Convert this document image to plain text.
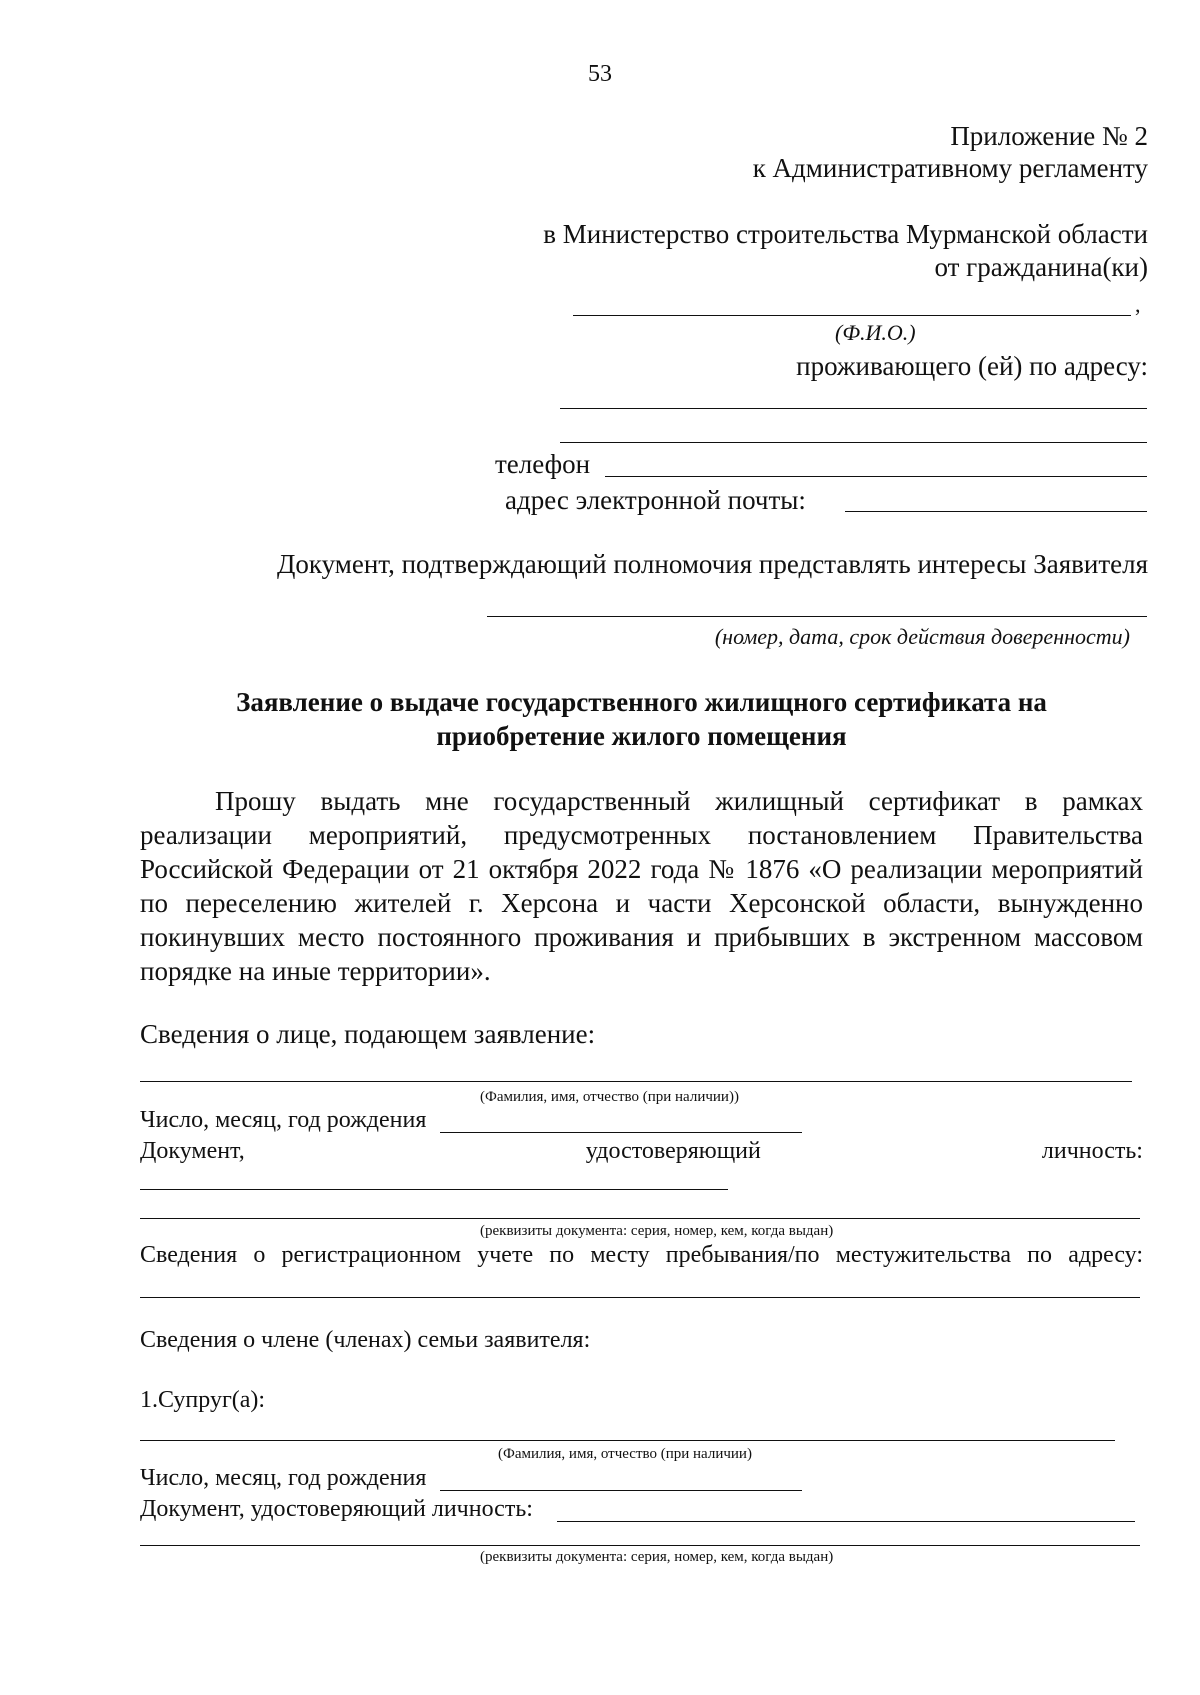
53
Приложение № 2
к Административному регламенту
в Министерство строительства Мурманской области
от гражданина(ки)
,
(Ф.И.О.)
проживающего (ей) по адресу:
телефон
адрес электронной почты:
Документ, подтверждающий полномочия представлять интересы Заявителя
(номер, дата, срок действия доверенности)
Заявление о выдаче государственного жилищного сертификата на
приобретение жилого помещения
Прошу выдать мне государственный жилищный сертификат в рамках реализации мероприятий, предусмотренных постановлением Правительства Российской Федерации от 21 октября 2022 года № 1876 «О реализации мероприятий по переселению жителей г. Херсона и части Херсонской области, вынужденно покинувших место постоянного проживания и прибывших в экстренном массовом порядке на иные территории».
Сведения о лице, подающем заявление:
(Фамилия, имя, отчество (при наличии))
Число, месяц, год рождения
Документ,	удостоверяющий	личность:
(реквизиты документа: серия, номер, кем, когда выдан)
Сведения о регистрационном учете по месту пребывания/по местужительства по адресу:
Сведения о члене (членах) семьи заявителя:
1.Супруг(а):
(Фамилия, имя, отчество (при наличии)
Число, месяц, год рождения
Документ, удостоверяющий личность:
(реквизиты документа: серия, номер, кем, когда выдан)
